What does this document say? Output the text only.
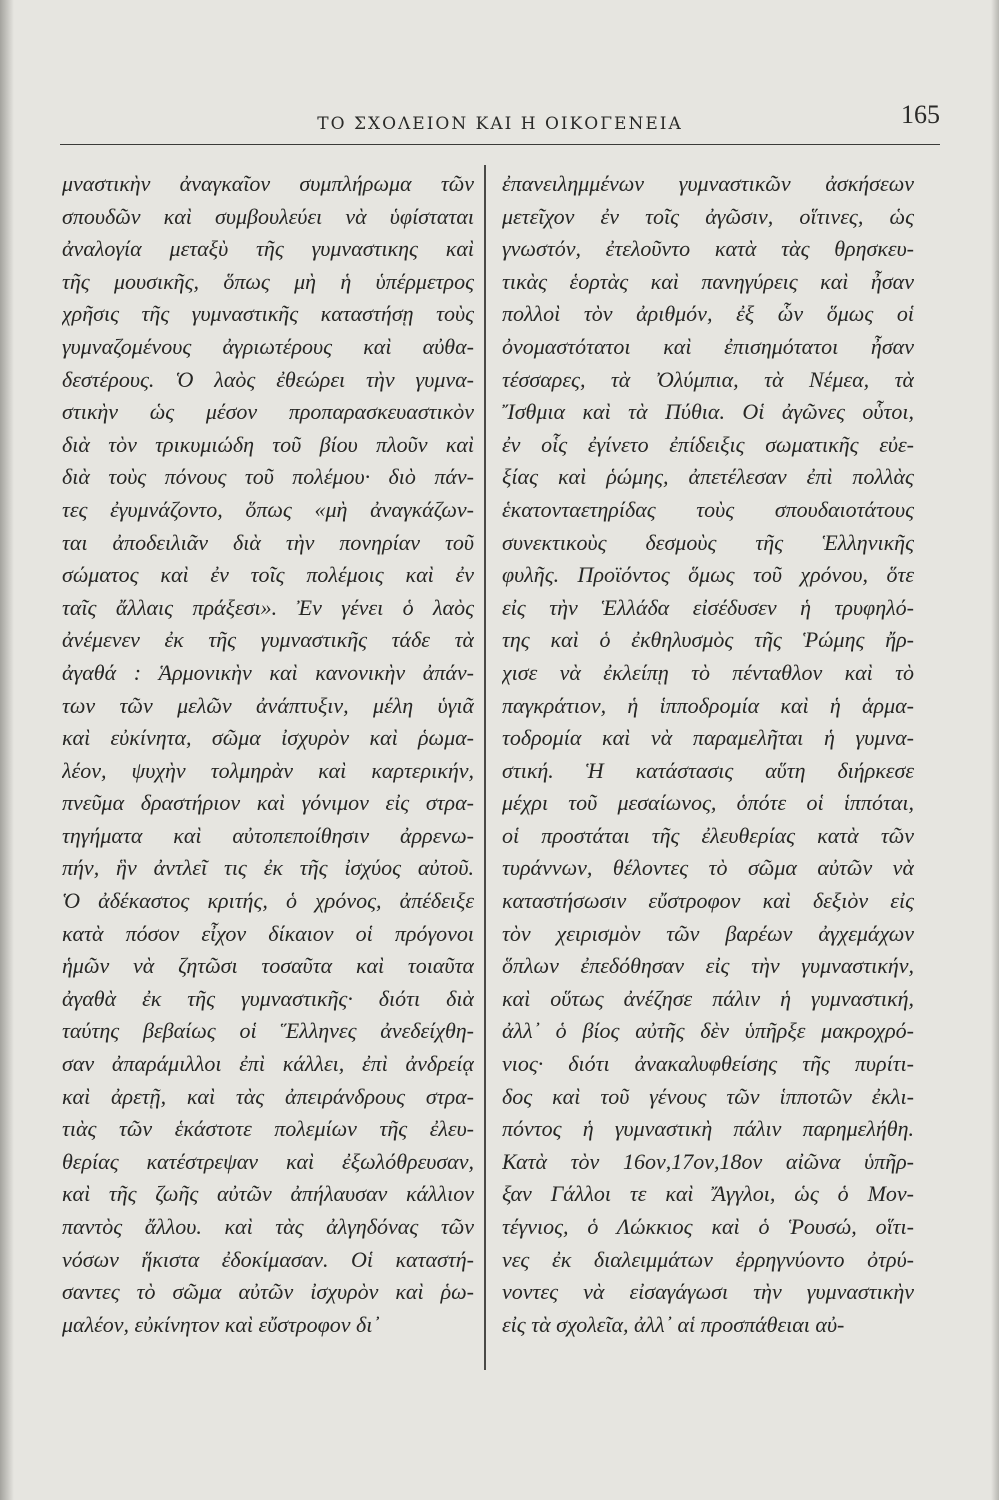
ΤΟ ΣΧΟΛΕΙΟΝ ΚΑΙ Η ΟΙΚΟΓΕΝΕΙΑ	165
μναστικὴν ἀναγκαῖον συμπλήρωμα τῶν
σπουδῶν καὶ συμβουλεύει νὰ ὑφίσταται
ἀναλογία μεταξὺ τῆς γυμναστικης καὶ
τῆς μουσικῆς, ὅπως μὴ ἡ ὑπέρμετρος
χρῆσις τῆς γυμναστικῆς καταστήσῃ τοὺς
γυμναζομένους ἀγριωτέρους καὶ αὐθα-
δεστέρους. Ὁ λαὸς ἐθεώρει τὴν γυμνα-
στικὴν ὡς μέσον προπαρασκευαστικὸν
διὰ τὸν τρικυμιώδη τοῦ βίου πλοῦν καὶ
διὰ τοὺς πόνους τοῦ πολέμου· διὸ πάν-
τες ἐγυμνάζοντο, ὅπως «μὴ ἀναγκάζων-
ται ἀποδειλιᾶν διὰ τὴν πονηρίαν τοῦ
σώματος καὶ ἐν τοῖς πολέμοις καὶ ἐν
ταῖς ἄλλαις πράξεσι». Ἐν γένει ὁ λαὸς
ἀνέμενεν ἐκ τῆς γυμναστικῆς τάδε τὰ
ἀγαθά : Ἁρμονικὴν καὶ κανονικὴν ἀπάν-
των τῶν μελῶν ἀνάπτυξιν, μέλη ὑγιᾶ
καὶ εὐκίνητα, σῶμα ἰσχυρὸν καὶ ῥωμα-
λέον, ψυχὴν τολμηρὰν καὶ καρτερικήν,
πνεῦμα δραστήριον καὶ γόνιμον εἰς στρα-
τηγήματα καὶ αὐτοπεποίθησιν ἀρρενω-
πήν, ἣν ἀντλεῖ τις ἐκ τῆς ἰσχύος αὐτοῦ.
Ὁ ἀδέκαστος κριτής, ὁ χρόνος, ἀπέδειξε
κατὰ πόσον εἶχον δίκαιον οἱ πρόγονοι
ἡμῶν νὰ ζητῶσι τοσαῦτα καὶ τοιαῦτα
ἀγαθὰ ἐκ τῆς γυμναστικῆς· διότι διὰ
ταύτης βεβαίως οἱ Ἕλληνες ἀνεδείχθη-
σαν ἀπαράμιλλοι ἐπὶ κάλλει, ἐπὶ ἀνδρείᾳ
καὶ ἀρετῇ, καὶ τὰς ἀπειράνδρους στρα-
τιὰς τῶν ἑκάστοτε πολεμίων τῆς ἐλευ-
θερίας κατέστρεψαν καὶ ἐξωλόθρευσαν,
καὶ τῆς ζωῆς αὐτῶν ἀπήλαυσαν κάλλιον
παντὸς ἄλλου. καὶ τὰς ἀλγηδόνας τῶν
νόσων ἥκιστα ἐδοκίμασαν. Οἱ καταστή-
σαντες τὸ σῶμα αὐτῶν ἰσχυρὸν καὶ ῥω-
μαλέον, εὐκίνητον καὶ εὔστροφον δι᾽
ἐπανειλημμένων γυμναστικῶν ἀσκήσεων
μετεῖχον ἐν τοῖς ἀγῶσιν, οἵτινες, ὡς
γνωστόν, ἐτελοῦντο κατὰ τὰς θρησκευ-
τικὰς ἑορτὰς καὶ πανηγύρεις καὶ ἦσαν
πολλοὶ τὸν ἀριθμόν, ἐξ ὧν ὅμως οἱ
ὀνομαστότατοι καὶ ἐπισημότατοι ἦσαν
τέσσαρες, τὰ Ὀλύμπια, τὰ Νέμεα, τὰ
Ἴσθμια καὶ τὰ Πύθια. Οἱ ἀγῶνες οὗτοι,
ἐν οἷς ἐγίνετο ἐπίδειξις σωματικῆς εὐε-
ξίας καὶ ῥώμης, ἀπετέλεσαν ἐπὶ πολλὰς
ἑκατονταετηρίδας τοὺς σπουδαιοτάτους
συνεκτικοὺς δεσμοὺς τῆς Ἑλληνικῆς
φυλῆς. Προϊόντος ὅμως τοῦ χρόνου, ὅτε
εἰς τὴν Ἑλλάδα εἰσέδυσεν ἡ τρυφηλό-
της καὶ ὁ ἐκθηλυσμὸς τῆς Ῥώμης ἤρ-
χισε νὰ ἐκλείπῃ τὸ πένταθλον καὶ τὸ
παγκράτιον, ἡ ἱπποδρομία καὶ ἡ ἁρμα-
τοδρομία καὶ νὰ παραμελῆται ἡ γυμνα-
στική. Ἡ κατάστασις αὕτη διήρκεσε
μέχρι τοῦ μεσαίωνος, ὁπότε οἱ ἱππόται,
οἱ προστάται τῆς ἐλευθερίας κατὰ τῶν
τυράννων, θέλοντες τὸ σῶμα αὐτῶν νὰ
καταστήσωσιν εὔστροφον καὶ δεξιὸν εἰς
τὸν χειρισμὸν τῶν βαρέων ἀγχεμάχων
ὅπλων ἐπεδόθησαν εἰς τὴν γυμναστικήν,
καὶ οὕτως ἀνέζησε πάλιν ἡ γυμναστική,
ἀλλ᾽ ὁ βίος αὐτῆς δὲν ὑπῆρξε μακροχρό-
νιος· διότι ἀνακαλυφθείσης τῆς πυρίτι-
δος καὶ τοῦ γένους τῶν ἱπποτῶν ἐκλι-
πόντος ἡ γυμναστικὴ πάλιν παρημελήθη.
Κατὰ τὸν 16ον,17ον,18ον αἰῶνα ὑπῆρ-
ξαν Γάλλοι τε καὶ Ἄγγλοι, ὡς ὁ Μον-
τέγνιος, ὁ Λώκκιος καὶ ὁ Ῥουσώ, οἵτι-
νες ἐκ διαλειμμάτων ἐρρηγνύοντο ὀτρύ-
νοντες νὰ εἰσαγάγωσι τὴν γυμναστικὴν
εἰς τὰ σχολεῖα, ἀλλ᾽ αἱ προσπάθειαι αὐ-
